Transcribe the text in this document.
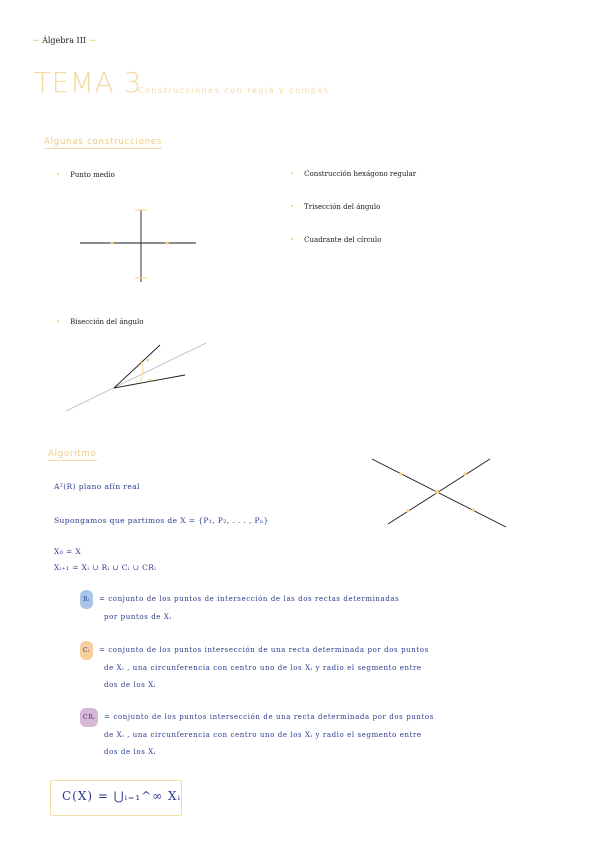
~ Álgebra III ~
TEMA 3
Construcciones con regla y compás
Algunas construcciones
• Punto medio
• Bisección del ángulo
• Construcción hexágono regular
• Trisección del ángulo
• Cuadrante del círculo
Algoritmo
A²(R) plano afín real
Supongamos que partimos de X = {P₁, P₂, . . . , Pₙ}
X₀ = X
Xᵢ₊₁ = Xᵢ ∪ Rᵢ ∪ Cᵢ ∪ CRᵢ
Rᵢ = conjunto de los puntos de intersección de las dos rectas determinadas
por puntos de Xᵢ
Cᵢ = conjunto de los puntos intersección de una recta determinada por dos puntos
de Xᵢ , una circunferencia con centro uno de los Xᵢ y radio el segmento entre
dos de los Xᵢ
CRᵢ = conjunto de los puntos intersección de una recta determinada por dos puntos
de Xᵢ , una circunferencia con centro uno de los Xᵢ y radio el segmento entre
dos de los Xᵢ
C(X) = ⋃ᵢ₌₁^∞ Xᵢ
